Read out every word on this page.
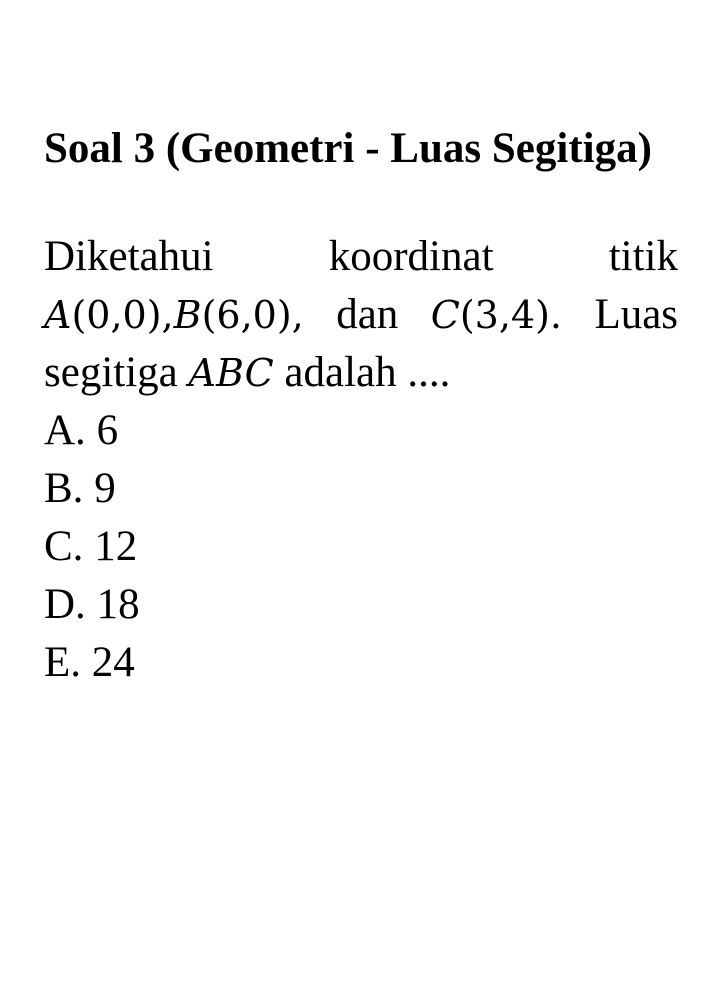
Soal 3 (Geometri - Luas Segitiga)

Diketahui koordinat titik A(0,0),B(6,0), dan C(3,4). Luas segitiga ABC adalah ....

A. 6
B. 9
C. 12
D. 18
E. 24
